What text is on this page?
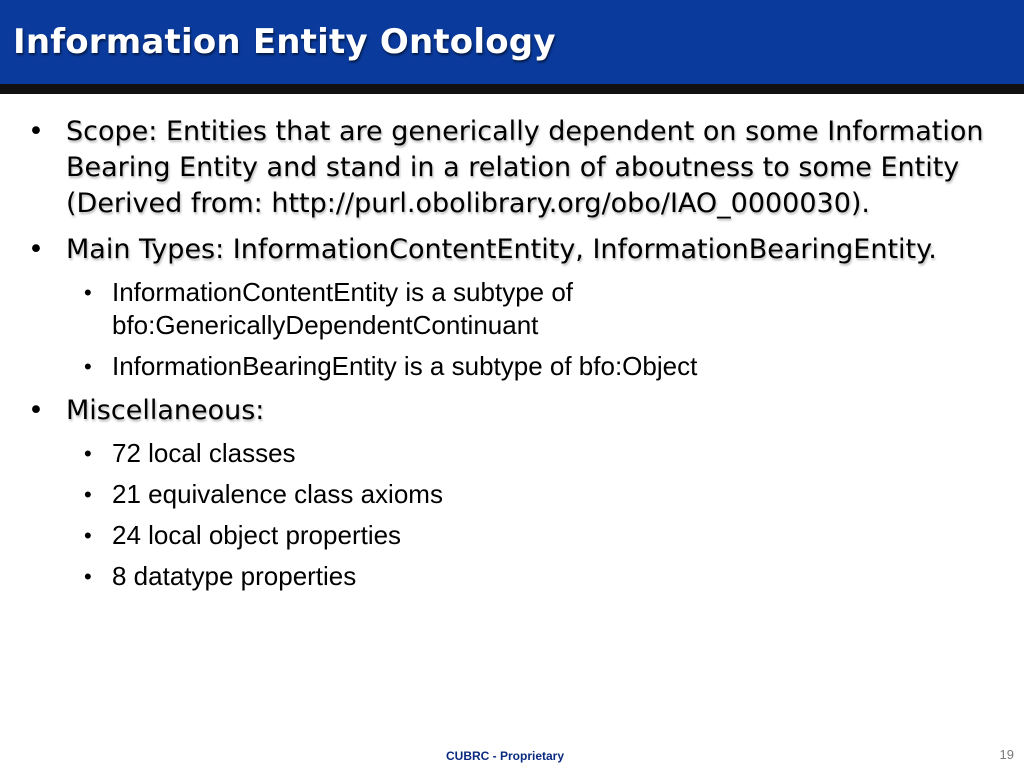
Information Entity Ontology
• Scope: Entities that are generically dependent on some Information Bearing Entity and stand in a relation of aboutness to some Entity (Derived from: http://purl.obolibrary.org/obo/IAO_0000030).
• Main Types: InformationContentEntity, InformationBearingEntity.
• InformationContentEntity is a subtype of bfo:GenericallyDependentContinuant
• InformationBearingEntity is a subtype of bfo:Object
• Miscellaneous:
• 72 local classes
• 21 equivalence class axioms
• 24 local object properties
• 8 datatype properties
CUBRC - Proprietary	19
